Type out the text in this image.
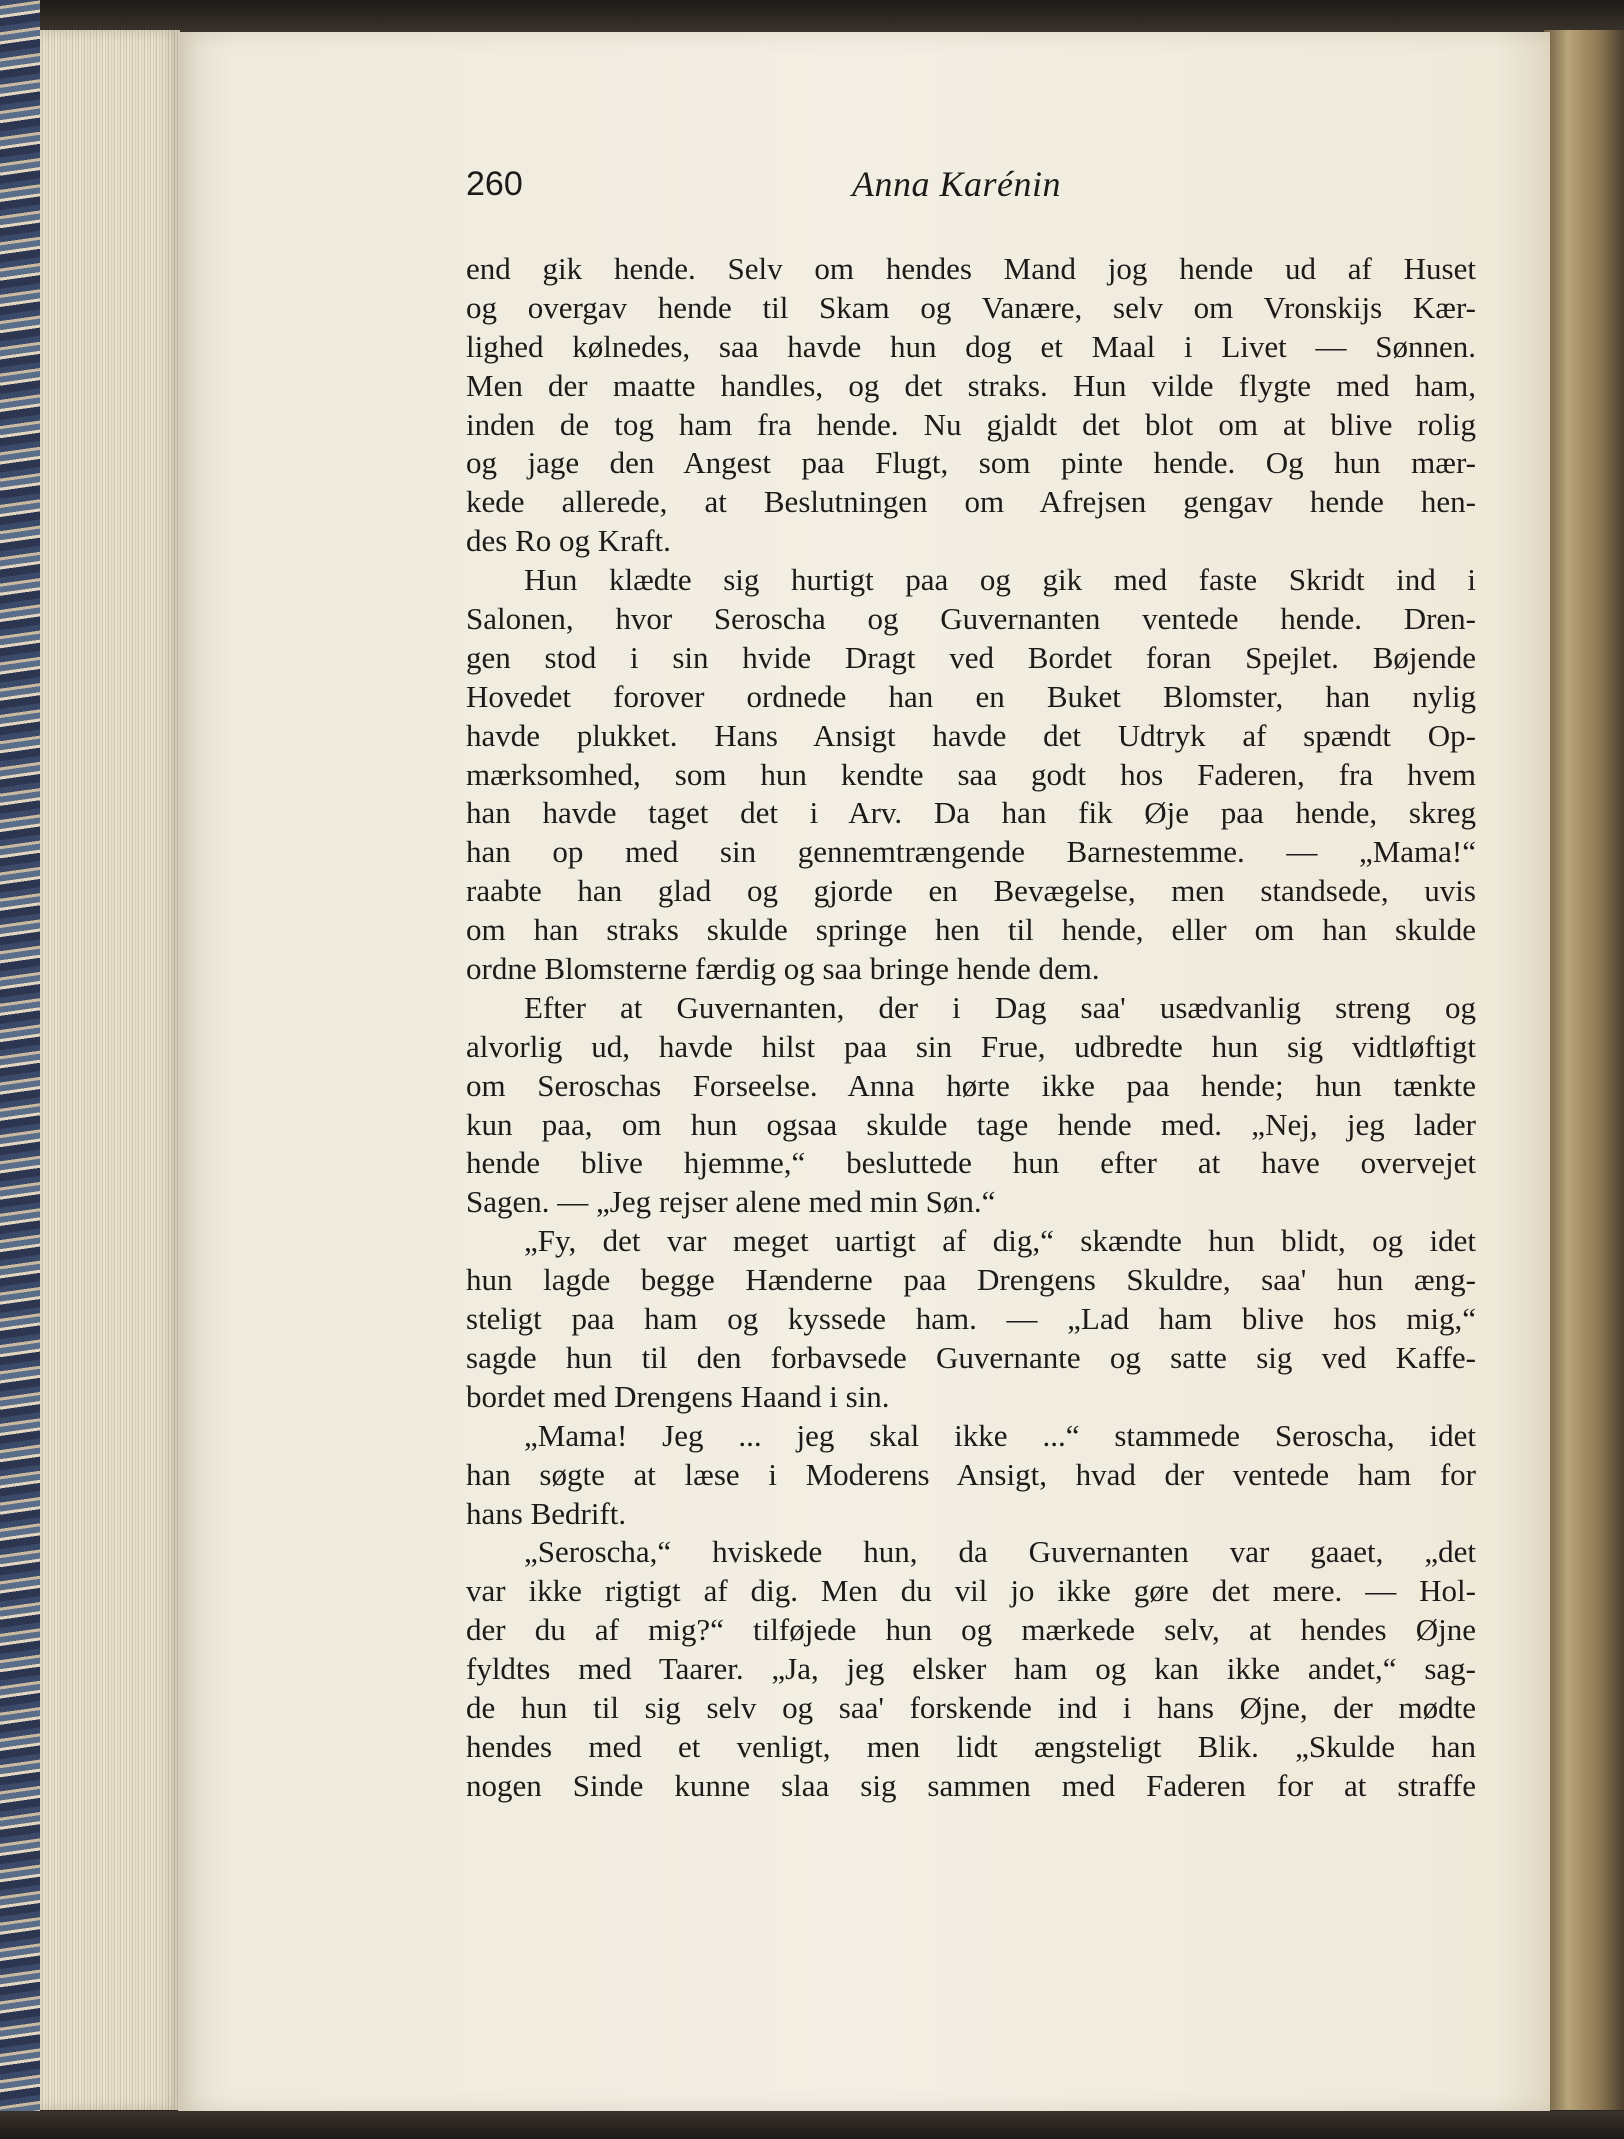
260	Anna Karénin
end gik hende. Selv om hendes Mand jog hende ud af Huset
og overgav hende til Skam og Vanære, selv om Vronskijs Kær-
lighed kølnedes, saa havde hun dog et Maal i Livet — Sønnen.
Men der maatte handles, og det straks. Hun vilde flygte med ham,
inden de tog ham fra hende. Nu gjaldt det blot om at blive rolig
og jage den Angest paa Flugt, som pinte hende. Og hun mær-
kede allerede, at Beslutningen om Afrejsen gengav hende hen-
des Ro og Kraft.
Hun klædte sig hurtigt paa og gik med faste Skridt ind i
Salonen, hvor Seroscha og Guvernanten ventede hende. Dren-
gen stod i sin hvide Dragt ved Bordet foran Spejlet. Bøjende
Hovedet forover ordnede han en Buket Blomster, han nylig
havde plukket. Hans Ansigt havde det Udtryk af spændt Op-
mærksomhed, som hun kendte saa godt hos Faderen, fra hvem
han havde taget det i Arv. Da han fik Øje paa hende, skreg
han op med sin gennemtrængende Barnestemme. — „Mama!“
raabte han glad og gjorde en Bevægelse, men standsede, uvis
om han straks skulde springe hen til hende, eller om han skulde
ordne Blomsterne færdig og saa bringe hende dem.
Efter at Guvernanten, der i Dag saa' usædvanlig streng og
alvorlig ud, havde hilst paa sin Frue, udbredte hun sig vidtløftigt
om Seroschas Forseelse. Anna hørte ikke paa hende; hun tænkte
kun paa, om hun ogsaa skulde tage hende med. „Nej, jeg lader
hende blive hjemme,“ besluttede hun efter at have overvejet
Sagen. — „Jeg rejser alene med min Søn.“
„Fy, det var meget uartigt af dig,“ skændte hun blidt, og idet
hun lagde begge Hænderne paa Drengens Skuldre, saa' hun æng-
steligt paa ham og kyssede ham. — „Lad ham blive hos mig,“
sagde hun til den forbavsede Guvernante og satte sig ved Kaffe-
bordet med Drengens Haand i sin.
„Mama! Jeg ... jeg skal ikke ...“ stammede Seroscha, idet
han søgte at læse i Moderens Ansigt, hvad der ventede ham for
hans Bedrift.
„Seroscha,“ hviskede hun, da Guvernanten var gaaet, „det
var ikke rigtigt af dig. Men du vil jo ikke gøre det mere. — Hol-
der du af mig?“ tilføjede hun og mærkede selv, at hendes Øjne
fyldtes med Taarer. „Ja, jeg elsker ham og kan ikke andet,“ sag-
de hun til sig selv og saa' forskende ind i hans Øjne, der mødte
hendes med et venligt, men lidt ængsteligt Blik. „Skulde han
nogen Sinde kunne slaa sig sammen med Faderen for at straffe
